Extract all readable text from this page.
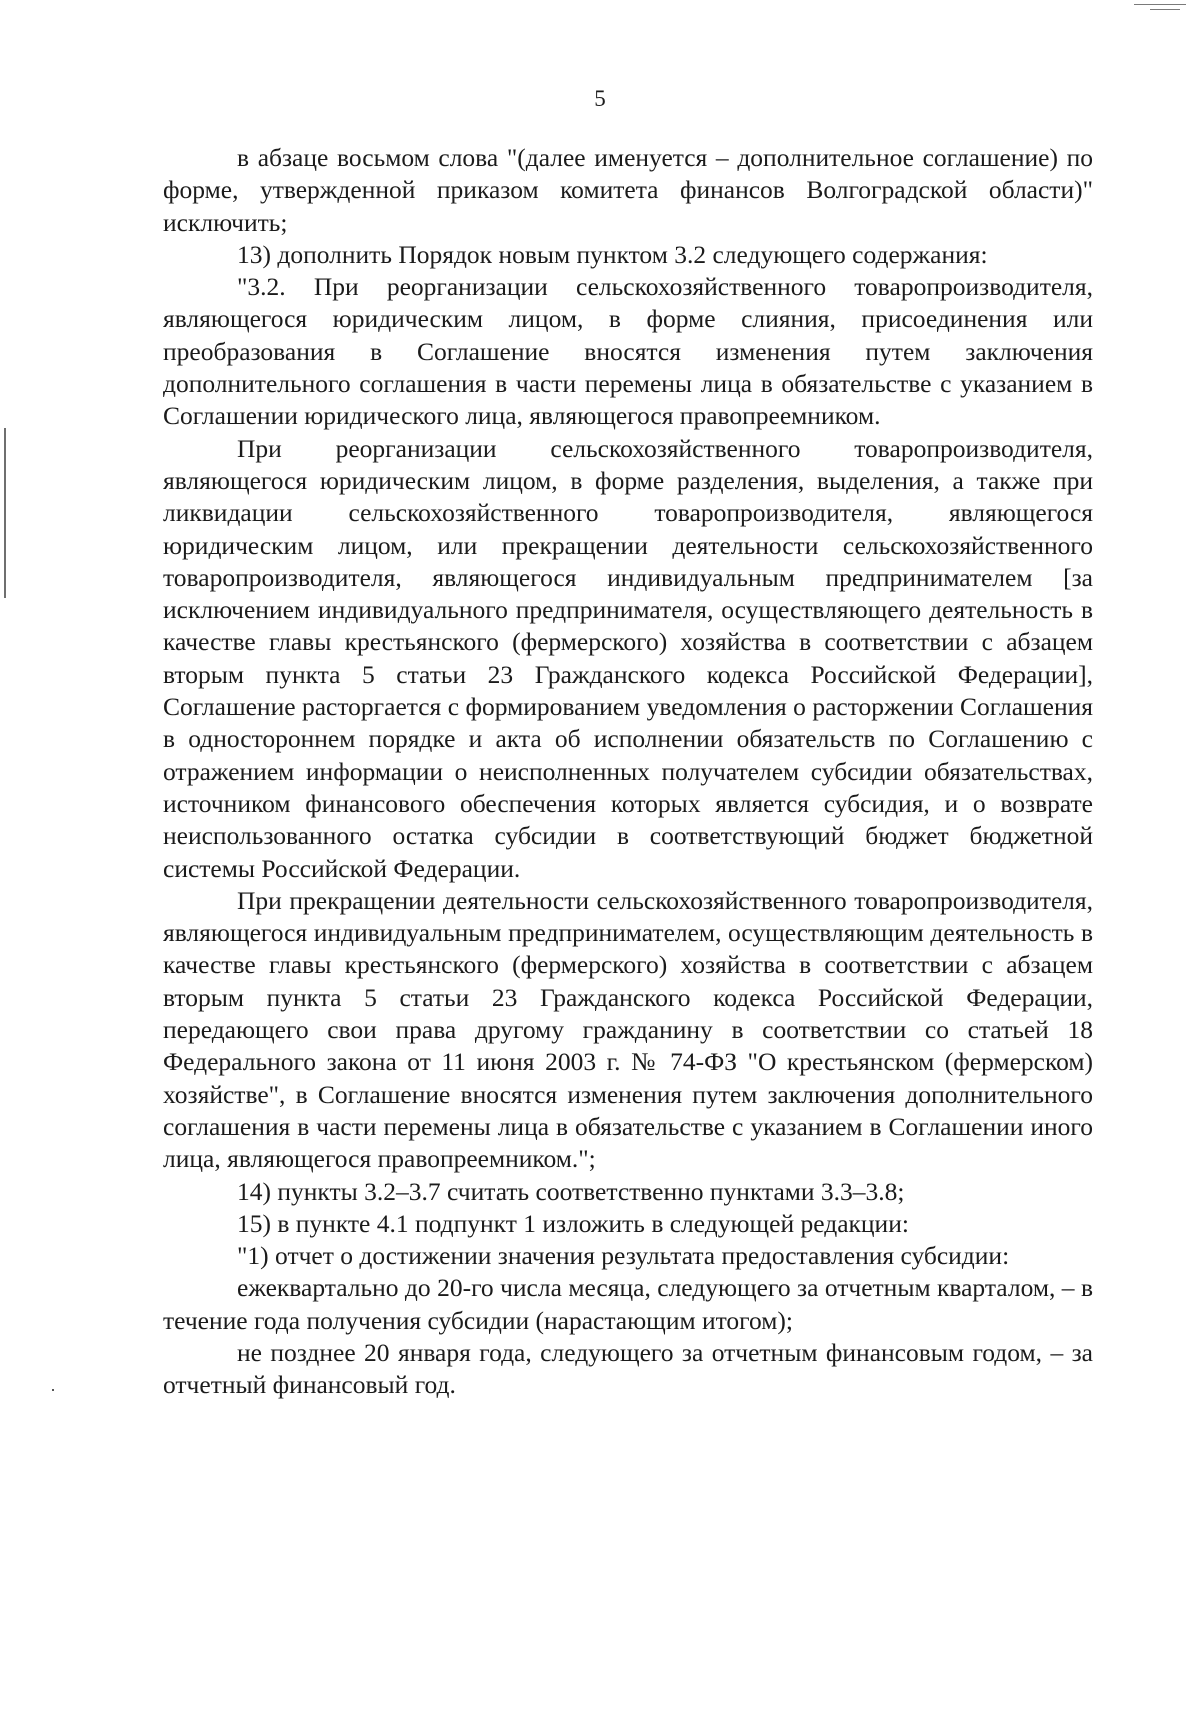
5

в абзаце восьмом слова "(далее именуется – дополнительное соглашение) по форме, утвержденной приказом комитета финансов Волгоградской области)" исключить;

13) дополнить Порядок новым пунктом 3.2 следующего содержания:

"3.2. При реорганизации сельскохозяйственного товаропроизводителя, являющегося юридическим лицом, в форме слияния, присоединения или преобразования в Соглашение вносятся изменения путем заключения дополнительного соглашения в части перемены лица в обязательстве с указанием в Соглашении юридического лица, являющегося правопреемником.

При реорганизации сельскохозяйственного товаропроизводителя, являющегося юридическим лицом, в форме разделения, выделения, а также при ликвидации сельскохозяйственного товаропроизводителя, являющегося юридическим лицом, или прекращении деятельности сельскохозяйственного товаропроизводителя, являющегося индивидуальным предпринимателем [за исключением индивидуального предпринимателя, осуществляющего деятельность в качестве главы крестьянского (фермерского) хозяйства в соответствии с абзацем вторым пункта 5 статьи 23 Гражданского кодекса Российской Федерации], Соглашение расторгается с формированием уведомления о расторжении Соглашения в одностороннем порядке и акта об исполнении обязательств по Соглашению с отражением информации о неисполненных получателем субсидии обязательствах, источником финансового обеспечения которых является субсидия, и о возврате неиспользованного остатка субсидии в соответствующий бюджет бюджетной системы Российской Федерации.

При прекращении деятельности сельскохозяйственного товаропроизводителя, являющегося индивидуальным предпринимателем, осуществляющим деятельность в качестве главы крестьянского (фермерского) хозяйства в соответствии с абзацем вторым пункта 5 статьи 23 Гражданского кодекса Российской Федерации, передающего свои права другому гражданину в соответствии со статьей 18 Федерального закона от 11 июня 2003 г. № 74-ФЗ "О крестьянском (фермерском) хозяйстве", в Соглашение вносятся изменения путем заключения дополнительного соглашения в части перемены лица в обязательстве с указанием в Соглашении иного лица, являющегося правопреемником.";

14) пункты 3.2–3.7 считать соответственно пунктами 3.3–3.8;

15) в пункте 4.1 подпункт 1 изложить в следующей редакции:

"1) отчет о достижении значения результата предоставления субсидии:

ежеквартально до 20-го числа месяца, следующего за отчетным кварталом, – в течение года получения субсидии (нарастающим итогом);

не позднее 20 января года, следующего за отчетным финансовым годом, – за отчетный финансовый год.
